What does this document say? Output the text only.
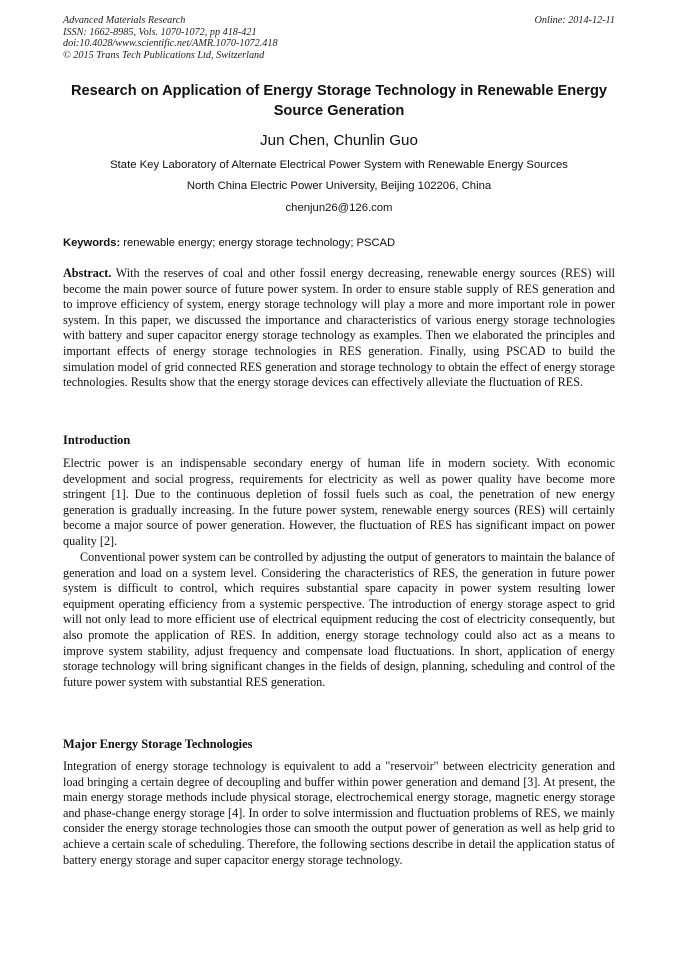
Advanced Materials Research
ISSN: 1662-8985, Vols. 1070-1072, pp 418-421
doi:10.4028/www.scientific.net/AMR.1070-1072.418
© 2015 Trans Tech Publications Ltd, Switzerland
Online: 2014-12-11
Research on Application of Energy Storage Technology in Renewable Energy Source Generation
Jun Chen, Chunlin Guo
State Key Laboratory of Alternate Electrical Power System with Renewable Energy Sources
North China Electric Power University, Beijing 102206, China
chenjun26@126.com
Keywords: renewable energy; energy storage technology; PSCAD

Abstract. With the reserves of coal and other fossil energy decreasing, renewable energy sources (RES) will become the main power source of future power system. In order to ensure stable supply of RES generation and to improve efficiency of system, energy storage technology will play a more and more important role in power system. In this paper, we discussed the importance and characteristics of various energy storage technologies with battery and super capacitor energy storage technology as examples. Then we elaborated the principles and important effects of energy storage technologies in RES generation. Finally, using PSCAD to build the simulation model of grid connected RES generation and storage technology to obtain the effect of energy storage technologies. Results show that the energy storage devices can effectively alleviate the fluctuation of RES.

Introduction

Electric power is an indispensable secondary energy of human life in modern society. With economic development and social progress, requirements for electricity as well as power quality have become more stringent [1]. Due to the continuous depletion of fossil fuels such as coal, the penetration of new energy generation is gradually increasing. In the future power system, renewable energy sources (RES) will certainly become a major source of power generation. However, the fluctuation of RES has significant impact on power quality [2].

Conventional power system can be controlled by adjusting the output of generators to maintain the balance of generation and load on a system level. Considering the characteristics of RES, the generation in future power system is difficult to control, which requires substantial spare capacity in power system resulting lower equipment operating efficiency from a systemic perspective. The introduction of energy storage aspect to grid will not only lead to more efficient use of electrical equipment reducing the cost of electricity consequently, but also promote the application of RES. In addition, energy storage technology could also act as a means to improve system stability, adjust frequency and compensate load fluctuations. In short, application of energy storage technology will bring significant changes in the fields of design, planning, scheduling and control of the future power system with substantial RES generation.

Major Energy Storage Technologies

Integration of energy storage technology is equivalent to add a "reservoir" between electricity generation and load bringing a certain degree of decoupling and buffer within power generation and demand [3]. At present, the main energy storage methods include physical storage, electrochemical energy storage, magnetic energy storage and phase-change energy storage [4]. In order to solve intermission and fluctuation problems of RES, we mainly consider the energy storage technologies those can smooth the output power of generation as well as help grid to achieve a certain scale of scheduling. Therefore, the following sections describe in detail the application status of battery energy storage and super capacitor energy storage technology.
